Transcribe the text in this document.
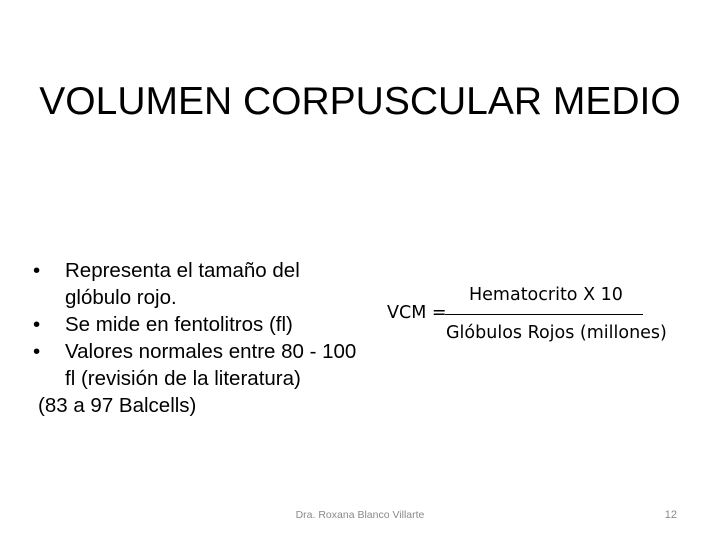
VOLUMEN CORPUSCULAR MEDIO
• Representa el tamaño del glóbulo rojo.
• Se mide en fentolitros (fl)
• Valores normales entre 80 - 100 fl (revisión de la literatura)
(83 a 97 Balcells)
VCM =
Hematocrito X 10
Glóbulos Rojos (millones)
Dra. Roxana Blanco Villarte	12
